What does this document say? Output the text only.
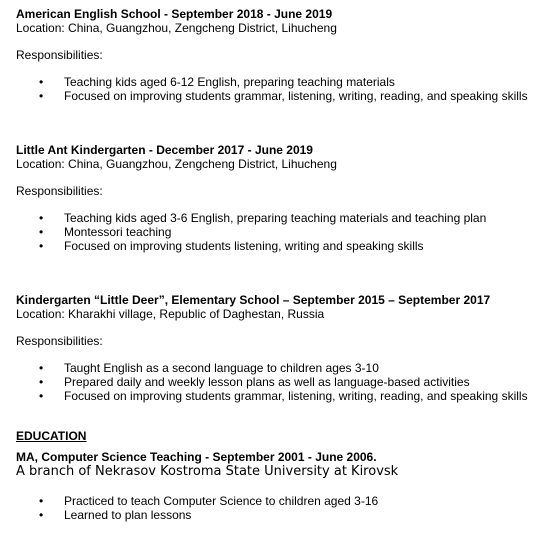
American English School - September 2018 - June 2019

Location: China, Guangzhou, Zengcheng District, Lihucheng

Responsibilities:

• Teaching kids aged 6-12 English, preparing teaching materials
• Focused on improving students grammar, listening, writing, reading, and speaking skills

Little Ant Kindergarten - December 2017 - June 2019

Location: China, Guangzhou, Zengcheng District, Lihucheng

Responsibilities:

• Teaching kids aged 3-6 English, preparing teaching materials and teaching plan
• Montessori teaching
• Focused on improving students listening, writing and speaking skills

Kindergarten “Little Deer”, Elementary School – September 2015 – September 2017

Location: Kharakhi village, Republic of Daghestan, Russia

Responsibilities:

• Taught English as a second language to children ages 3-10
• Prepared daily and weekly lesson plans as well as language-based activities
• Focused on improving students grammar, listening, writing, reading, and speaking skills

EDUCATION

MA, Computer Science Teaching - September 2001 - June 2006.

A branch of Nekrasov Kostroma State University at Kirovsk

• Practiced to teach Computer Science to children aged 3-16
• Learned to plan lessons
